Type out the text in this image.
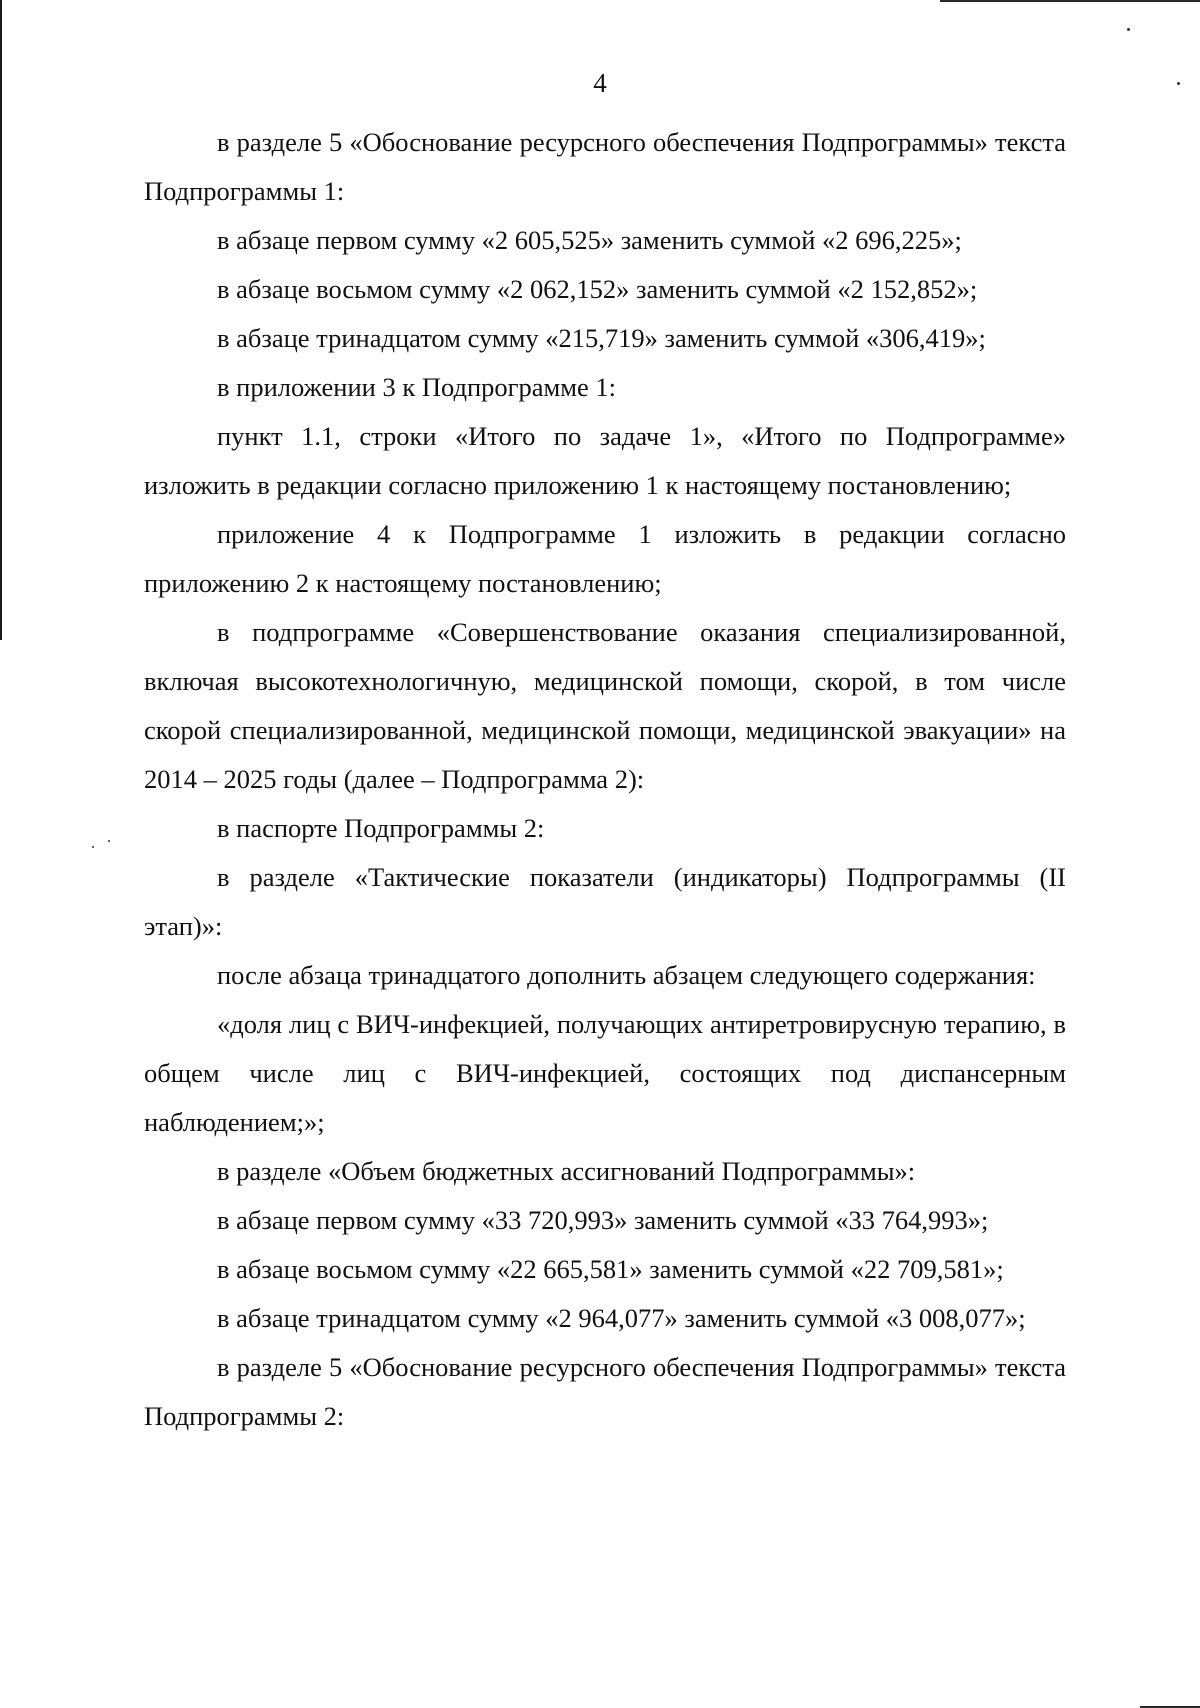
4

в разделе 5 «Обоснование ресурсного обеспечения Подпрограммы» текста Подпрограммы 1:

в абзаце первом сумму «2 605,525» заменить суммой «2 696,225»;

в абзаце восьмом сумму «2 062,152» заменить суммой «2 152,852»;

в абзаце тринадцатом сумму «215,719» заменить суммой «306,419»;

в приложении 3 к Подпрограмме 1:

пункт 1.1, строки «Итого по задаче 1», «Итого по Подпрограмме» изложить в редакции согласно приложению 1 к настоящему постановлению;

приложение 4 к Подпрограмме 1 изложить в редакции согласно приложению 2 к настоящему постановлению;

в подпрограмме «Совершенствование оказания специализированной, включая высокотехнологичную, медицинской помощи, скорой, в том числе скорой специализированной, медицинской помощи, медицинской эвакуации» на 2014 – 2025 годы (далее – Подпрограмма 2):

в паспорте Подпрограммы 2:

в разделе «Тактические показатели (индикаторы) Подпрограммы (II этап)»:

после абзаца тринадцатого дополнить абзацем следующего содержания:

«доля лиц с ВИЧ-инфекцией, получающих антиретровирусную терапию, в общем числе лиц с ВИЧ-инфекцией, состоящих под диспансерным наблюдением;»;

в разделе «Объем бюджетных ассигнований Подпрограммы»:

в абзаце первом сумму «33 720,993» заменить суммой «33 764,993»;

в абзаце восьмом сумму «22 665,581» заменить суммой «22 709,581»;

в абзаце тринадцатом сумму «2 964,077» заменить суммой «3 008,077»;

в разделе 5 «Обоснование ресурсного обеспечения Подпрограммы» текста Подпрограммы 2:
